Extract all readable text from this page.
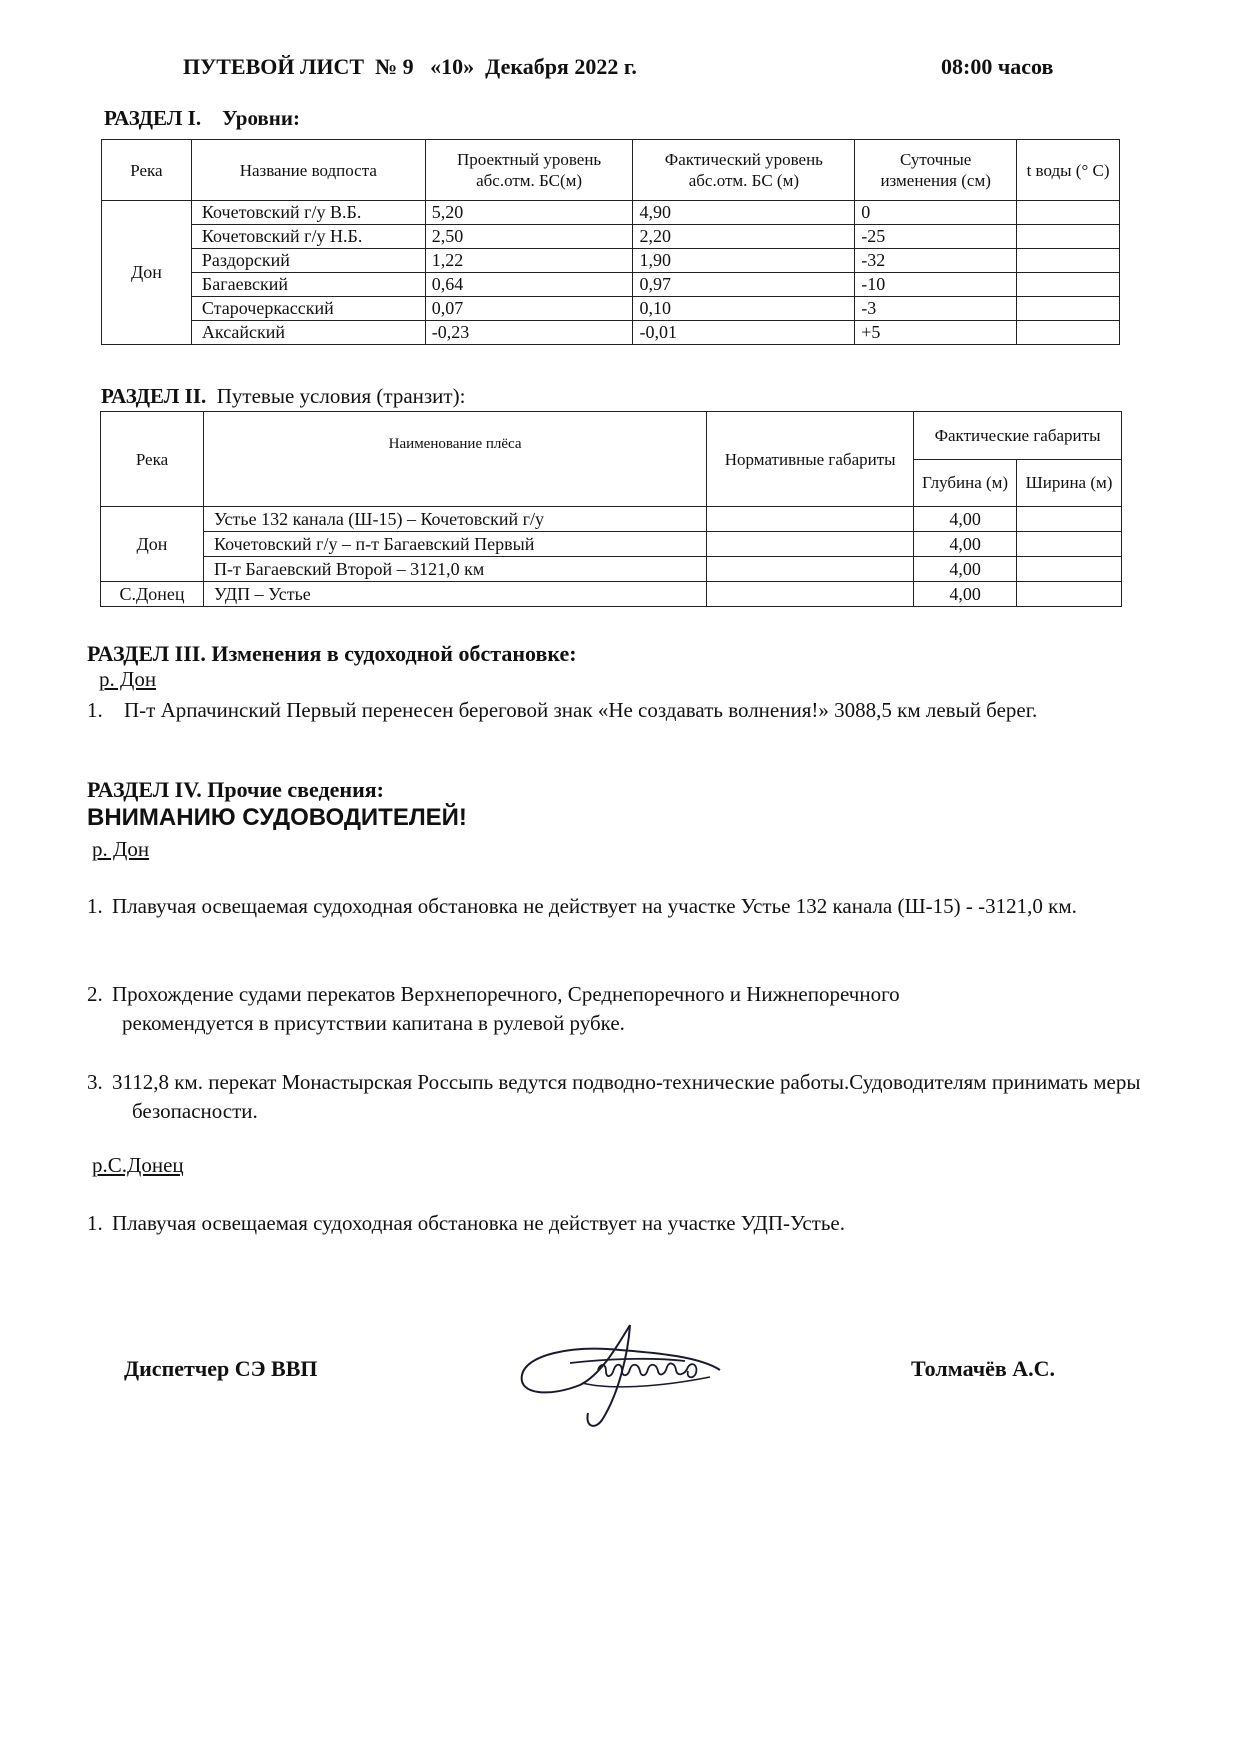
ПУТЕВОЙ ЛИСТ  № 9   «10»  Декабря 2022 г.	08:00 часов
РАЗДЕЛ I.    Уровни:
Река	Название водпоста	Проектный уровень абс.отм. БС(м)	Фактический уровень абс.отм. БС (м)	Суточные изменения (см)	t воды (° С)
Дон	Кочетовский г/у В.Б.	5,20	4,90	0	
	Кочетовский г/у Н.Б.	2,50	2,20	-25	
	Раздорский	1,22	1,90	-32	
	Багаевский	0,64	0,97	-10	
	Старочеркасский	0,07	0,10	-3	
	Аксайский	-0,23	-0,01	+5	
РАЗДЕЛ II.  Путевые условия (транзит):
Река	Наименование плёса	Нормативные габариты	Фактические габариты	
			Глубина (м)	Ширина (м)
Дон	Устье 132 канала (Ш-15) – Кочетовский г/у		4,00	
	Кочетовский г/у – п-т Багаевский Первый		4,00	
	П-т Багаевский Второй – 3121,0 км		4,00	
С.Донец	УДП – Устье		4,00	
РАЗДЕЛ III. Изменения в судоходной обстановке:
р. Дон
1. П-т Арпачинский Первый перенесен береговой знак «Не создавать волнения!» 3088,5 км левый берег.
РАЗДЕЛ IV. Прочие сведения:
ВНИМАНИЮ СУДОВОДИТЕЛЕЙ!
р. Дон
1. Плавучая освещаемая судоходная обстановка не действует на участке Устье 132 канала (Ш-15) - -3121,0 км.
2. Прохождение судами перекатов Верхнепоречного, Среднепоречного и Нижнепоречного рекомендуется в присутствии капитана в рулевой рубке.
3. 3112,8 км. перекат Монастырская Россыпь ведутся подводно-технические работы.Судоводителям принимать меры безопасности.
р.С.Донец
1. Плавучая освещаемая судоходная обстановка не действует на участке УДП-Устье.
Диспетчер СЭ ВВП	Толмачёв А.С.
